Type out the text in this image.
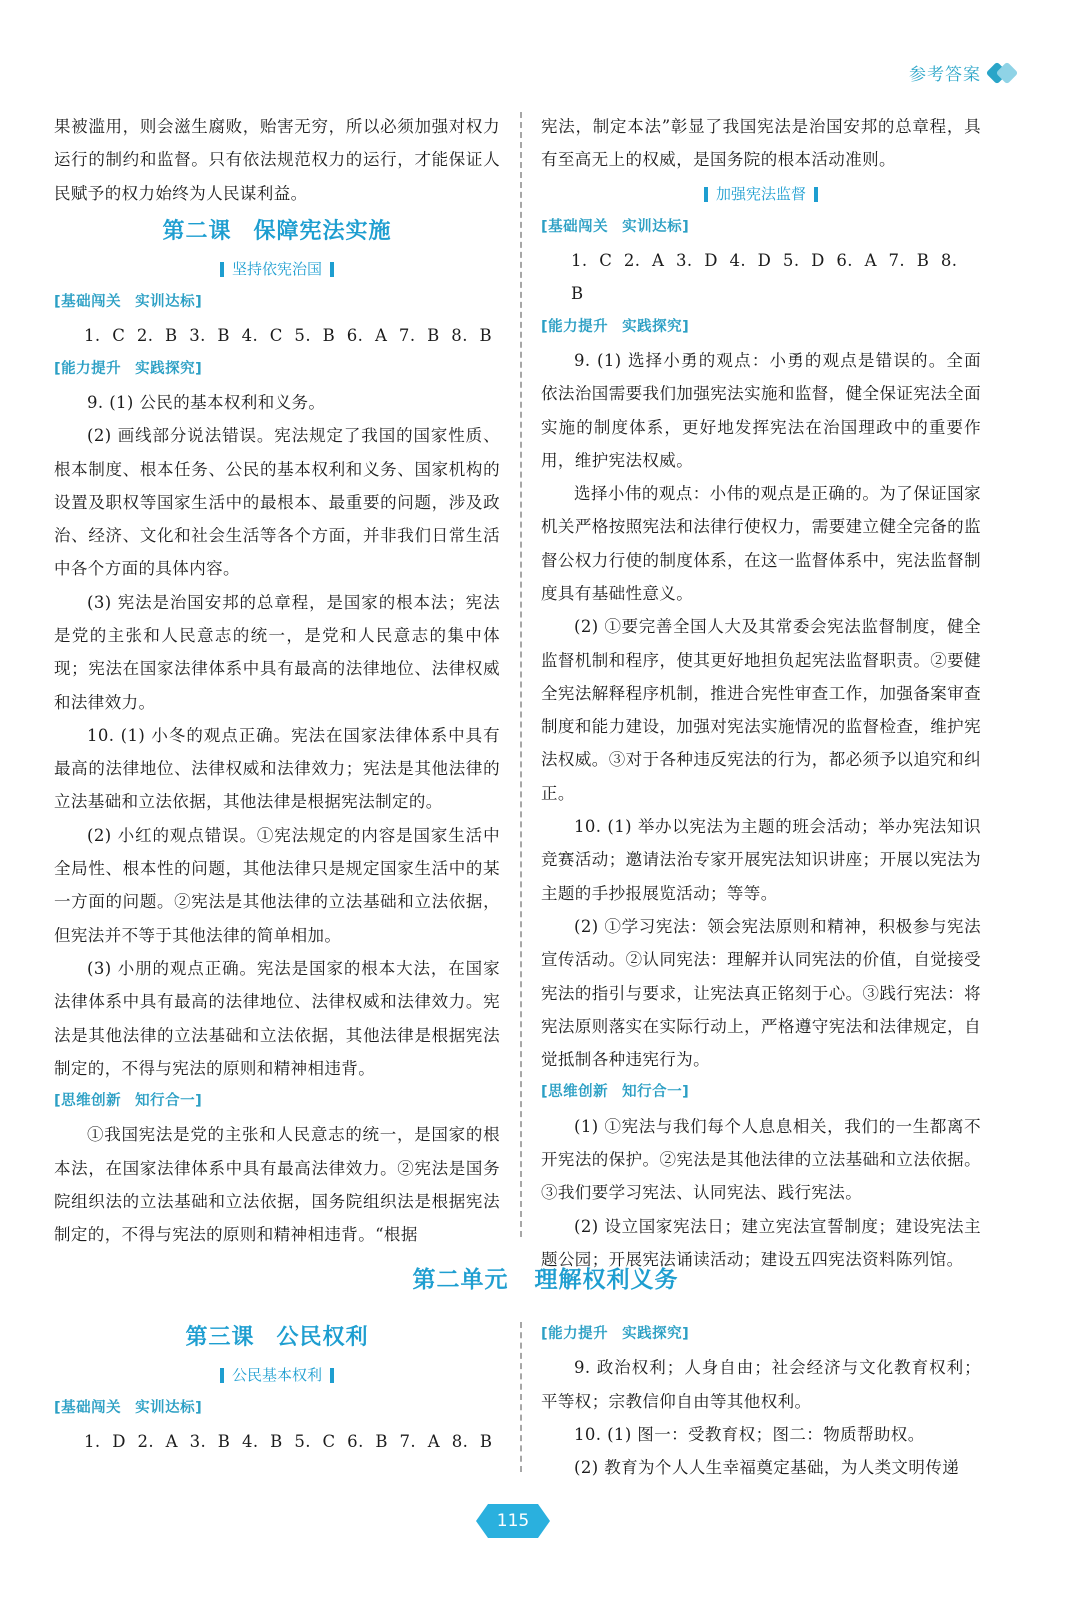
参考答案

果被滥用，则会滋生腐败，贻害无穷，所以必须加强对权力运行的制约和监督。只有依法规范权力的运行，才能保证人民赋予的权力始终为人民谋利益。

第二课 保障宪法实施
坚持依宪治国
[基础闯关 实训达标]

1. C 2. B 3. B 4. C 5. B 6. A 7. B 8. B

[能力提升 实践探究]

9. (1) 公民的基本权利和义务。

(2) 画线部分说法错误。宪法规定了我国的国家性质、根本制度、根本任务、公民的基本权利和义务、国家机构的设置及职权等国家生活中的最根本、最重要的问题，涉及政治、经济、文化和社会生活等各个方面，并非我们日常生活中各个方面的具体内容。

(3) 宪法是治国安邦的总章程，是国家的根本法；宪法是党的主张和人民意志的统一，是党和人民意志的集中体现；宪法在国家法律体系中具有最高的法律地位、法律权威和法律效力。

10. (1) 小冬的观点正确。宪法在国家法律体系中具有最高的法律地位、法律权威和法律效力；宪法是其他法律的立法基础和立法依据，其他法律是根据宪法制定的。

(2) 小红的观点错误。①宪法规定的内容是国家生活中全局性、根本性的问题，其他法律只是规定国家生活中的某一方面的问题。②宪法是其他法律的立法基础和立法依据，但宪法并不等于其他法律的简单相加。

(3) 小朋的观点正确。宪法是国家的根本大法，在国家法律体系中具有最高的法律地位、法律权威和法律效力。宪法是其他法律的立法基础和立法依据，其他法律是根据宪法制定的，不得与宪法的原则和精神相违背。

[思维创新 知行合一]

①我国宪法是党的主张和人民意志的统一，是国家的根本法，在国家法律体系中具有最高法律效力。②宪法是国务院组织法的立法基础和立法依据，国务院组织法是根据宪法制定的，不得与宪法的原则和精神相违背。“根据

宪法，制定本法”彰显了我国宪法是治国安邦的总章程，具有至高无上的权威，是国务院的根本活动准则。

加强宪法监督
[基础闯关 实训达标]

1. C 2. A 3. D 4. D 5. D 6. A 7. B 8. B

[能力提升 实践探究]

9. (1) 选择小勇的观点：小勇的观点是错误的。全面依法治国需要我们加强宪法实施和监督，健全保证宪法全面实施的制度体系，更好地发挥宪法在治国理政中的重要作用，维护宪法权威。

选择小伟的观点：小伟的观点是正确的。为了保证国家机关严格按照宪法和法律行使权力，需要建立健全完备的监督公权力行使的制度体系，在这一监督体系中，宪法监督制度具有基础性意义。

(2) ①要完善全国人大及其常委会宪法监督制度，健全监督机制和程序，使其更好地担负起宪法监督职责。②要健全宪法解释程序机制，推进合宪性审查工作，加强备案审查制度和能力建设，加强对宪法实施情况的监督检查，维护宪法权威。③对于各种违反宪法的行为，都必须予以追究和纠正。

10. (1) 举办以宪法为主题的班会活动；举办宪法知识竞赛活动；邀请法治专家开展宪法知识讲座；开展以宪法为主题的手抄报展览活动；等等。

(2) ①学习宪法：领会宪法原则和精神，积极参与宪法宣传活动。②认同宪法：理解并认同宪法的价值，自觉接受宪法的指引与要求，让宪法真正铭刻于心。③践行宪法：将宪法原则落实在实际行动上，严格遵守宪法和法律规定，自觉抵制各种违宪行为。

[思维创新 知行合一]

(1) ①宪法与我们每个人息息相关，我们的一生都离不开宪法的保护。②宪法是其他法律的立法基础和立法依据。③我们要学习宪法、认同宪法、践行宪法。

(2) 设立国家宪法日；建立宪法宣誓制度；建设宪法主题公园；开展宪法诵读活动；建设五四宪法资料陈列馆。

第二单元 理解权利义务
第三课 公民权利
公民基本权利
[基础闯关 实训达标]

1. D 2. A 3. B 4. B 5. C 6. B 7. A 8. B

[能力提升 实践探究]

9. 政治权利；人身自由；社会经济与文化教育权利；平等权；宗教信仰自由等其他权利。

10. (1) 图一：受教育权；图二：物质帮助权。

(2) 教育为个人人生幸福奠定基础，为人类文明传递

115
